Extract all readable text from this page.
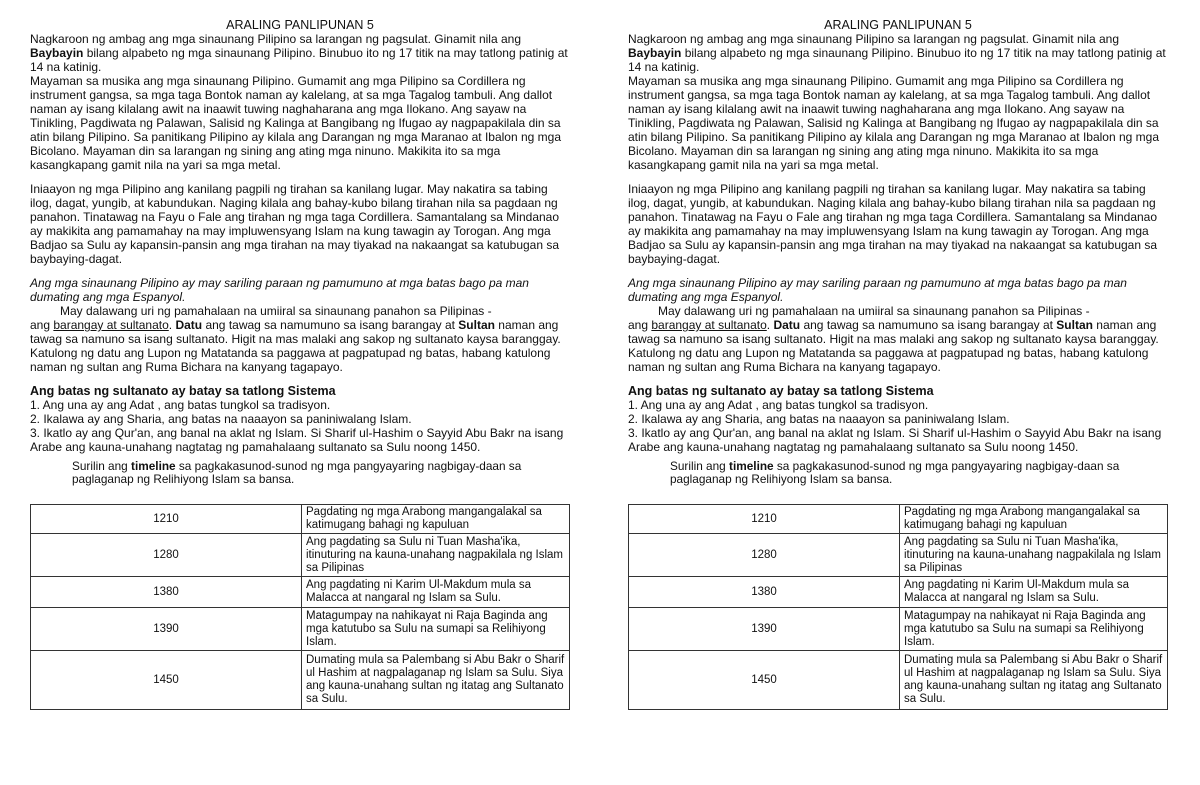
ARALING PANLIPUNAN 5

Nagkaroon ng ambag ang mga sinaunang Pilipino sa larangan ng pagsulat. Ginamit nila ang
Baybayin bilang alpabeto ng mga sinaunang Pilipino. Binubuo ito ng 17 titik na may tatlong patinig at 14 na katinig.

Mayaman sa musika ang mga sinaunang Pilipino. Gumamit ang mga Pilipino sa Cordillera ng instrument gangsa, sa mga taga Bontok naman ay kalelang, at sa mga Tagalog tambuli. Ang dallot naman ay isang kilalang awit na inaawit tuwing naghaharana ang mga Ilokano. Ang sayaw na Tinikling, Pagdiwata ng Palawan, Salisid ng Kalinga at Bangibang ng Ifugao ay nagpapakilala din sa atin bilang Pilipino. Sa panitikang Pilipino ay kilala ang Darangan ng mga Maranao at Ibalon ng mga Bicolano. Mayaman din sa larangan ng sining ang ating mga ninuno. Makikita ito sa mga kasangkapang gamit nila na yari sa mga metal.

Iniaayon ng mga Pilipino ang kanilang pagpili ng tirahan sa kanilang lugar. May nakatira sa tabing ilog, dagat, yungib, at kabundukan. Naging kilala ang bahay-kubo bilang tirahan nila sa pagdaan ng panahon. Tinatawag na Fayu o Fale ang tirahan ng mga taga Cordillera. Samantalang sa Mindanao ay makikita ang pamamahay na may impluwensyang Islam na kung tawagin ay Torogan. Ang mga Badjao sa Sulu ay kapansin-pansin ang mga tirahan na may tiyakad na nakaangat sa katubugan sa baybaying-dagat.

Ang mga sinaunang Pilipino ay may sariling paraan ng pamumuno at mga batas bago pa man dumating ang mga Espanyol.

May dalawang uri ng pamahalaan na umiiral sa sinaunang panahon sa Pilipinas -

ang barangay at sultanato. Datu ang tawag sa namumuno sa isang barangay at Sultan naman ang tawag sa namuno sa isang sultanato. Higit na mas malaki ang sakop ng sultanato kaysa baranggay. Katulong ng datu ang Lupon ng Matatanda sa paggawa at pagpatupad ng batas, habang katulong naman ng sultan ang Ruma Bichara na kanyang tagapayo.

Ang batas ng sultanato ay batay sa tatlong Sistema

1. Ang una ay ang Adat , ang batas tungkol sa tradisyon.

2. Ikalawa ay ang Sharia, ang batas na naaayon sa paniniwalang Islam.

3. Ikatlo ay ang Qur'an, ang banal na aklat ng Islam. Si Sharif ul-Hashim o Sayyid Abu Bakr na isang Arabe ang kauna-unahang nagtatag ng pamahalaang sultanato sa Sulu noong 1450.

Surilin ang timeline sa pagkakasunod-sunod ng mga pangyayaring nagbigay-daan sa paglaganap ng Relihiyong Islam sa bansa.

1210	Pagdating ng mga Arabong mangangalakal sa katimugang bahagi ng kapuluan
1280	Ang pagdating sa Sulu ni Tuan Masha'ika, itinuturing na kauna-unahang nagpakilala ng Islam sa Pilipinas
1380	Ang pagdating ni Karim Ul-Makdum mula sa Malacca at nangaral ng Islam sa Sulu.
1390	Matagumpay na nahikayat ni Raja Baginda ang mga katutubo sa Sulu na sumapi sa Relihiyong Islam.
1450	Dumating mula sa Palembang si Abu Bakr o Sharif ul Hashim at nagpalaganap ng Islam sa Sulu. Siya ang kauna-unahang sultan ng itatag ang Sultanato sa Sulu.
ARALING PANLIPUNAN 5

Nagkaroon ng ambag ang mga sinaunang Pilipino sa larangan ng pagsulat. Ginamit nila ang
Baybayin bilang alpabeto ng mga sinaunang Pilipino. Binubuo ito ng 17 titik na may tatlong patinig at 14 na katinig.

Mayaman sa musika ang mga sinaunang Pilipino. Gumamit ang mga Pilipino sa Cordillera ng instrument gangsa, sa mga taga Bontok naman ay kalelang, at sa mga Tagalog tambuli. Ang dallot naman ay isang kilalang awit na inaawit tuwing naghaharana ang mga Ilokano. Ang sayaw na Tinikling, Pagdiwata ng Palawan, Salisid ng Kalinga at Bangibang ng Ifugao ay nagpapakilala din sa atin bilang Pilipino. Sa panitikang Pilipino ay kilala ang Darangan ng mga Maranao at Ibalon ng mga Bicolano. Mayaman din sa larangan ng sining ang ating mga ninuno. Makikita ito sa mga kasangkapang gamit nila na yari sa mga metal.

Iniaayon ng mga Pilipino ang kanilang pagpili ng tirahan sa kanilang lugar. May nakatira sa tabing ilog, dagat, yungib, at kabundukan. Naging kilala ang bahay-kubo bilang tirahan nila sa pagdaan ng panahon. Tinatawag na Fayu o Fale ang tirahan ng mga taga Cordillera. Samantalang sa Mindanao ay makikita ang pamamahay na may impluwensyang Islam na kung tawagin ay Torogan. Ang mga Badjao sa Sulu ay kapansin-pansin ang mga tirahan na may tiyakad na nakaangat sa katubugan sa baybaying-dagat.

Ang mga sinaunang Pilipino ay may sariling paraan ng pamumuno at mga batas bago pa man dumating ang mga Espanyol.

May dalawang uri ng pamahalaan na umiiral sa sinaunang panahon sa Pilipinas -

ang barangay at sultanato. Datu ang tawag sa namumuno sa isang barangay at Sultan naman ang tawag sa namuno sa isang sultanato. Higit na mas malaki ang sakop ng sultanato kaysa baranggay. Katulong ng datu ang Lupon ng Matatanda sa paggawa at pagpatupad ng batas, habang katulong naman ng sultan ang Ruma Bichara na kanyang tagapayo.

Ang batas ng sultanato ay batay sa tatlong Sistema

1. Ang una ay ang Adat , ang batas tungkol sa tradisyon.

2. Ikalawa ay ang Sharia, ang batas na naaayon sa paniniwalang Islam.

3. Ikatlo ay ang Qur'an, ang banal na aklat ng Islam. Si Sharif ul-Hashim o Sayyid Abu Bakr na isang Arabe ang kauna-unahang nagtatag ng pamahalaang sultanato sa Sulu noong 1450.

Surilin ang timeline sa pagkakasunod-sunod ng mga pangyayaring nagbigay-daan sa paglaganap ng Relihiyong Islam sa bansa.

1210	Pagdating ng mga Arabong mangangalakal sa katimugang bahagi ng kapuluan
1280	Ang pagdating sa Sulu ni Tuan Masha'ika, itinuturing na kauna-unahang nagpakilala ng Islam sa Pilipinas
1380	Ang pagdating ni Karim Ul-Makdum mula sa Malacca at nangaral ng Islam sa Sulu.
1390	Matagumpay na nahikayat ni Raja Baginda ang mga katutubo sa Sulu na sumapi sa Relihiyong Islam.
1450	Dumating mula sa Palembang si Abu Bakr o Sharif ul Hashim at nagpalaganap ng Islam sa Sulu. Siya ang kauna-unahang sultan ng itatag ang Sultanato sa Sulu.
